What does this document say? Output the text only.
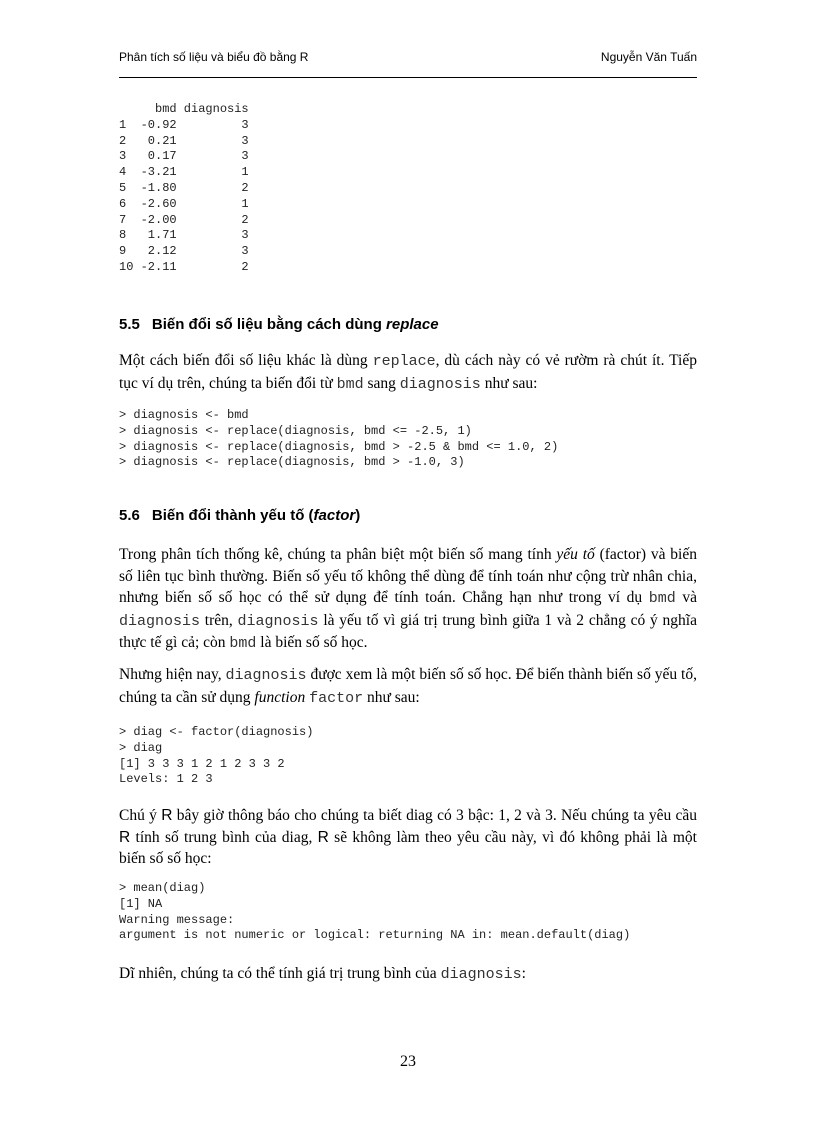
Phân tích số liệu và biểu đồ bằng R	Nguyễn Văn Tuấn
bmd diagnosis
1  -0.92         3
2   0.21         3
3   0.17         3
4  -3.21         1
5  -1.80         2
6  -2.60         1
7  -2.00         2
8   1.71         3
9   2.12         3
10 -2.11         2
5.5 Biến đổi số liệu bằng cách dùng replace

Một cách biến đổi số liệu khác là dùng replace, dù cách này có vẻ rườm rà chút ít. Tiếp tục ví dụ trên, chúng ta biến đổi từ bmd sang diagnosis như sau:

> diagnosis <- bmd
> diagnosis <- replace(diagnosis, bmd <= -2.5, 1)
> diagnosis <- replace(diagnosis, bmd > -2.5 & bmd <= 1.0, 2)
> diagnosis <- replace(diagnosis, bmd > -1.0, 3)
5.6 Biến đổi thành yếu tố (factor)

Trong phân tích thống kê, chúng ta phân biệt một biến số mang tính yếu tố (factor) và biến số liên tục bình thường. Biến số yếu tố không thể dùng để tính toán như cộng trừ nhân chia, nhưng biến số số học có thể sử dụng để tính toán. Chẳng hạn như trong ví dụ bmd và diagnosis trên, diagnosis là yếu tố vì giá trị trung bình giữa 1 và 2 chẳng có ý nghĩa thực tế gì cả; còn bmd là biến số số học.

Nhưng hiện nay, diagnosis được xem là một biến số số học. Để biến thành biến số yếu tố, chúng ta cần sử dụng function factor như sau:

> diag <- factor(diagnosis)
> diag
[1] 3 3 3 1 2 1 2 3 3 2
Levels: 1 2 3

Chú ý R bây giờ thông báo cho chúng ta biết diag có 3 bậc: 1, 2 và 3. Nếu chúng ta yêu cầu R tính số trung bình của diag, R sẽ không làm theo yêu cầu này, vì đó không phải là một biến số số học:

> mean(diag)
[1] NA
Warning message:
argument is not numeric or logical: returning NA in: mean.default(diag)

Dĩ nhiên, chúng ta có thể tính giá trị trung bình của diagnosis:

23
